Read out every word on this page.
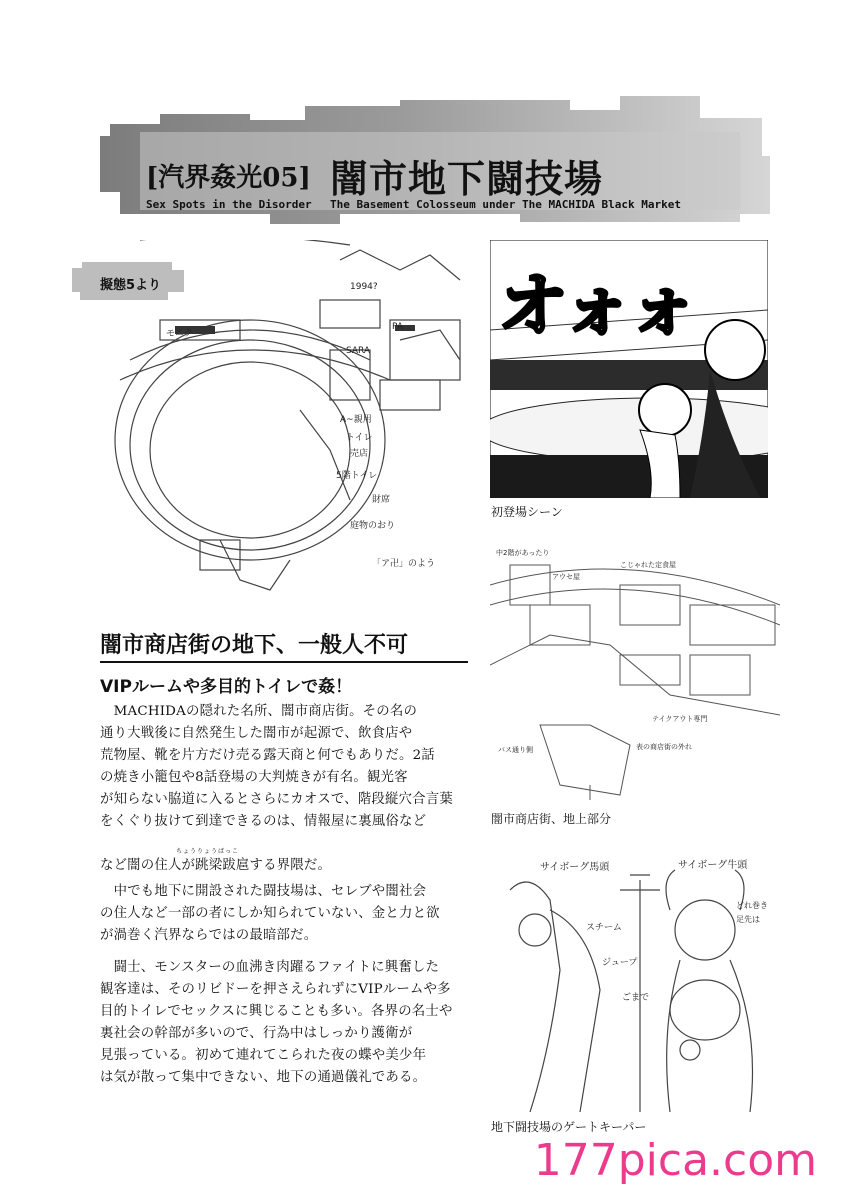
[汽界姦光05] 闇市地下闘技場
Sex Spots in the Disorder The Basement Colosseum under The MACHIDA Black Market
擬態5より
モニク
PA
SARA
A~親用
トイレ
売店
5階トイレ
財席
庭物のおり
「ア卍」のよう
1994? オォォ
初登場シーン
中2階があったり
アウセ屋
こじゃれた定食屋
テイクアウト専門
バス通り側	表の商店街の外れ
闇市商店街、地上部分
サイボーグ馬頭	サイボーグ牛頭
スチーム
ジュープ
ごまで
どれ巻き
足先は
地下闘技場のゲートキーパー
闇市商店街の地下、一般人不可
VIPルームや多目的トイレで姦！
　MACHIDAの隠れた名所、闇市商店街。その名の
通り大戦後に自然発生した闇市が起源で、飲食店や
荒物屋、靴を片方だけ売る露天商と何でもありだ。2話
の焼き小籠包や8話登場の大判焼きが有名。観光客
が知らない脇道に入るとさらにカオスで、階段縦穴合言葉
をくぐり抜けて到達できるのは、情報屋に裏風俗など
ちょうりょうばっこ
など闇の住人が跳梁跋扈する界隈だ。
　中でも地下に開設された闘技場は、セレブや闇社会
の住人など一部の者にしか知られていない、金と力と欲
が渦巻く汽界ならではの最暗部だ。
　闘士、モンスターの血沸き肉躍るファイトに興奮した
観客達は、そのリビドーを押さえられずにVIPルームや多
目的トイレでセックスに興じることも多い。各界の名士や
裏社会の幹部が多いので、行為中はしっかり護衛が
見張っている。初めて連れてこられた夜の蝶や美少年
は気が散って集中できない、地下の通過儀礼である。
177pica.com
